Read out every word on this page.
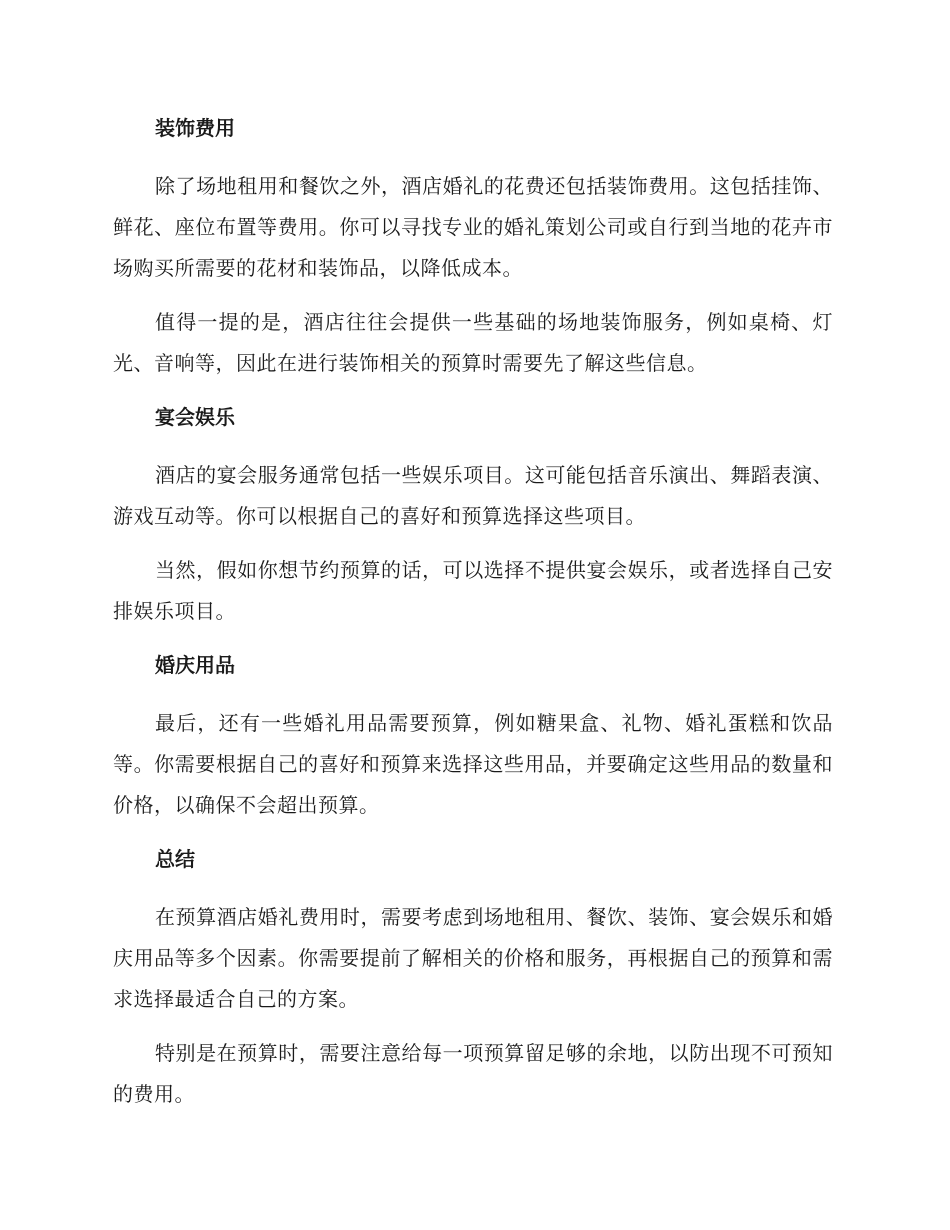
装饰费用

除了场地租用和餐饮之外，酒店婚礼的花费还包括装饰费用。这包括挂饰、鲜花、座位布置等费用。你可以寻找专业的婚礼策划公司或自行到当地的花卉市场购买所需要的花材和装饰品，以降低成本。

值得一提的是，酒店往往会提供一些基础的场地装饰服务，例如桌椅、灯光、音响等，因此在进行装饰相关的预算时需要先了解这些信息。

宴会娱乐

酒店的宴会服务通常包括一些娱乐项目。这可能包括音乐演出、舞蹈表演、游戏互动等。你可以根据自己的喜好和预算选择这些项目。

当然，假如你想节约预算的话，可以选择不提供宴会娱乐，或者选择自己安排娱乐项目。

婚庆用品

最后，还有一些婚礼用品需要预算，例如糖果盒、礼物、婚礼蛋糕和饮品等。你需要根据自己的喜好和预算来选择这些用品，并要确定这些用品的数量和价格，以确保不会超出预算。

总结

在预算酒店婚礼费用时，需要考虑到场地租用、餐饮、装饰、宴会娱乐和婚庆用品等多个因素。你需要提前了解相关的价格和服务，再根据自己的预算和需求选择最适合自己的方案。

特别是在预算时，需要注意给每一项预算留足够的余地，以防出现不可预知的费用。
